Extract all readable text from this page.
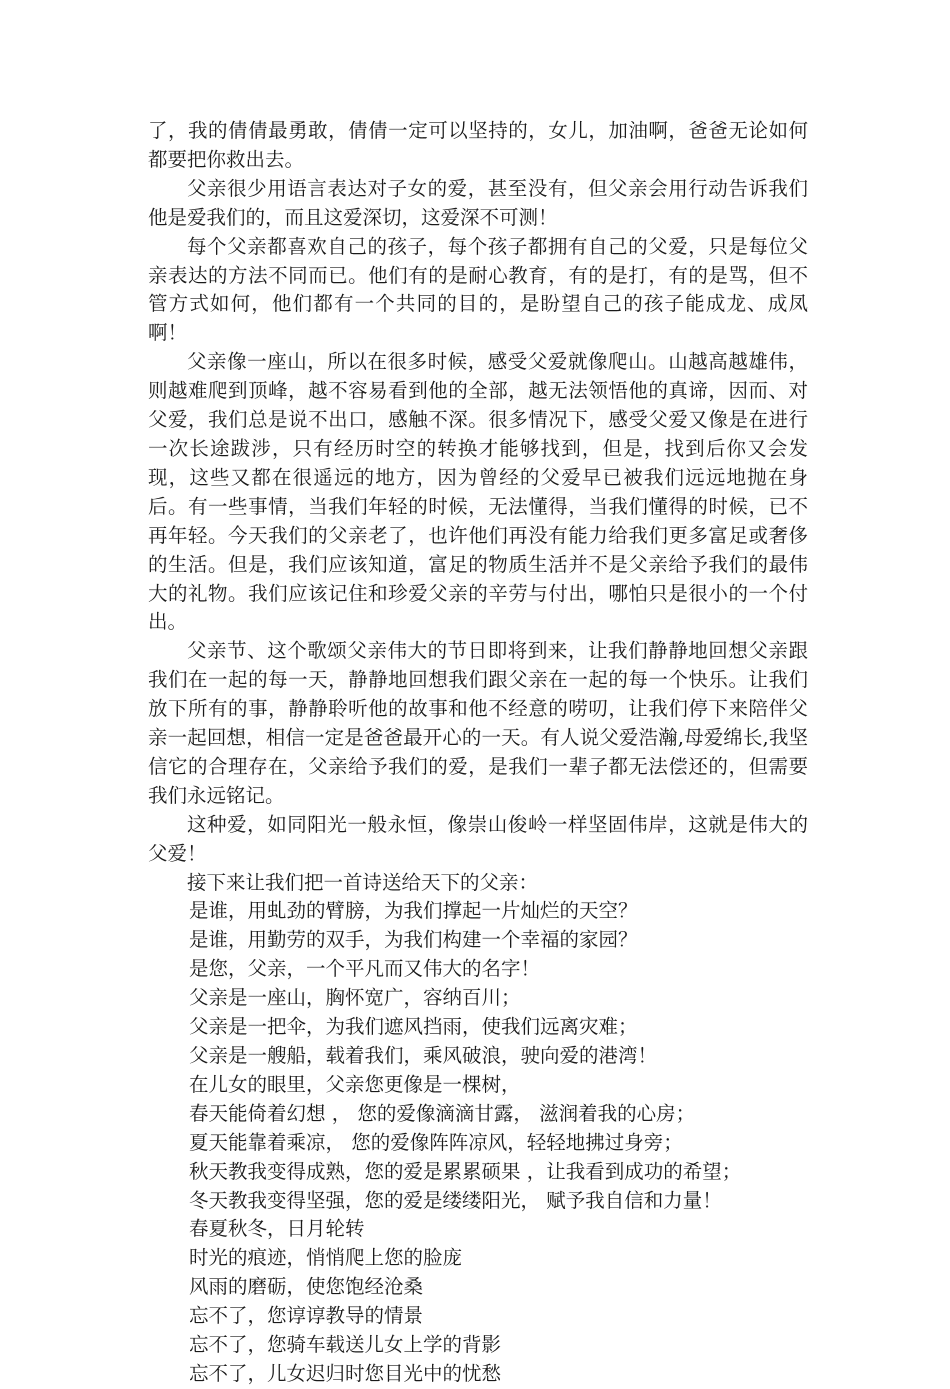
了，我的倩倩最勇敢，倩倩一定可以坚持的，女儿，加油啊，爸爸无论如何都要把你救出去。

父亲很少用语言表达对子女的爱，甚至没有，但父亲会用行动告诉我们他是爱我们的，而且这爱深切，这爱深不可测！

每个父亲都喜欢自己的孩子，每个孩子都拥有自己的父爱，只是每位父亲表达的方法不同而已。他们有的是耐心教育，有的是打，有的是骂，但不管方式如何，他们都有一个共同的目的，是盼望自己的孩子能成龙、成凤啊！

父亲像一座山，所以在很多时候，感受父爱就像爬山。山越高越雄伟，则越难爬到顶峰，越不容易看到他的全部，越无法领悟他的真谛，因而、对父爱，我们总是说不出口，感触不深。很多情况下，感受父爱又像是在进行一次长途跋涉，只有经历时空的转换才能够找到，但是，找到后你又会发现，这些又都在很遥远的地方，因为曾经的父爱早已被我们远远地抛在身后。有一些事情，当我们年轻的时候，无法懂得，当我们懂得的时候，已不再年轻。今天我们的父亲老了，也许他们再没有能力给我们更多富足或奢侈的生活。但是，我们应该知道，富足的物质生活并不是父亲给予我们的最伟大的礼物。我们应该记住和珍爱父亲的辛劳与付出，哪怕只是很小的一个付出。

父亲节、这个歌颂父亲伟大的节日即将到来，让我们静静地回想父亲跟我们在一起的每一天，静静地回想我们跟父亲在一起的每一个快乐。让我们放下所有的事，静静聆听他的故事和他不经意的唠叨，让我们停下来陪伴父亲一起回想，相信一定是爸爸最开心的一天。有人说父爱浩瀚,母爱绵长,我坚信它的合理存在，父亲给予我们的爱，是我们一辈子都无法偿还的，但需要我们永远铭记。

这种爱，如同阳光一般永恒，像崇山俊岭一样坚固伟岸，这就是伟大的父爱！

接下来让我们把一首诗送给天下的父亲：

是谁，用虬劲的臂膀，为我们撑起一片灿烂的天空？

是谁，用勤劳的双手，为我们构建一个幸福的家园？

是您，父亲，一个平凡而又伟大的名字！

父亲是一座山，胸怀宽广，容纳百川；

父亲是一把伞，为我们遮风挡雨，使我们远离灾难；

父亲是一艘船，载着我们，乘风破浪，驶向爱的港湾！

在儿女的眼里，父亲您更像是一棵树，

春天能倚着幻想 ， 您的爱像滴滴甘露， 滋润着我的心房；

夏天能靠着乘凉， 您的爱像阵阵凉风，轻轻地拂过身旁；

秋天教我变得成熟，您的爱是累累硕果 ，让我看到成功的希望；

冬天教我变得坚强，您的爱是缕缕阳光， 赋予我自信和力量！

春夏秋冬，日月轮转

时光的痕迹，悄悄爬上您的脸庞

风雨的磨砺，使您饱经沧桑

忘不了，您谆谆教导的情景

忘不了，您骑车载送儿女上学的背影

忘不了，儿女迟归时您目光中的忧愁
